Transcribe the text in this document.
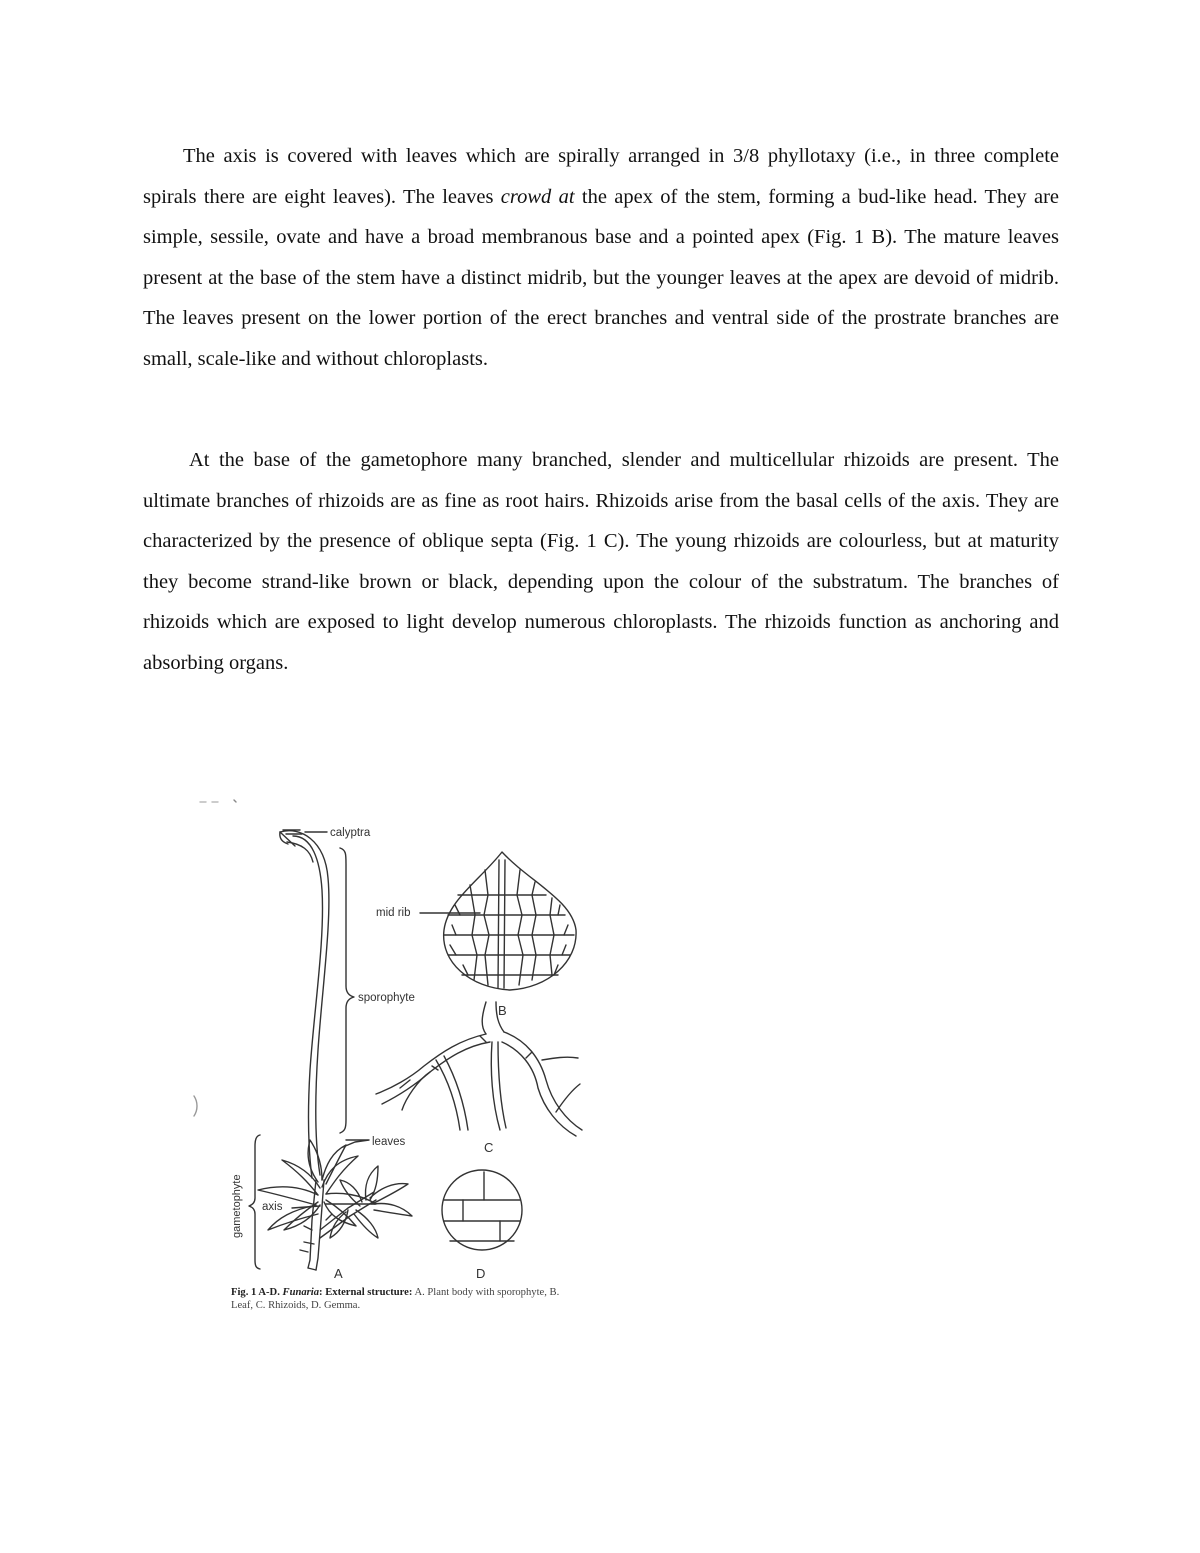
The axis is covered with leaves which are spirally arranged in 3/8 phyllotaxy (i.e., in three complete spirals there are eight leaves). The leaves crowd at the apex of the stem, forming a bud-like head. They are simple, sessile, ovate and have a broad membranous base and a pointed apex (Fig. 1 B). The mature leaves present at the base of the stem have a distinct midrib, but the younger leaves at the apex are devoid of midrib. The leaves present on the lower portion of the erect branches and ventral side of the prostrate branches are small, scale-like and without chloroplasts.

At the base of the gametophore many branched, slender and multicellular rhizoids are present. The ultimate branches of rhizoids are as fine as root hairs. Rhizoids arise from the basal cells of the axis. They are characterized by the presence of oblique septa (Fig. 1 C). The young rhizoids are colourless, but at maturity they become strand-like brown or black, depending upon the colour of the substratum. The branches of rhizoids which are exposed to light develop numerous chloroplasts. The rhizoids function as anchoring and absorbing organs.

calyptra
mid rib
sporophyte
leaves
axis
gametophyte
B
C
A	D

Fig. 1 A-D. Funaria: External structure: A. Plant body with sporophyte, B. Leaf, C. Rhizoids, D. Gemma.
